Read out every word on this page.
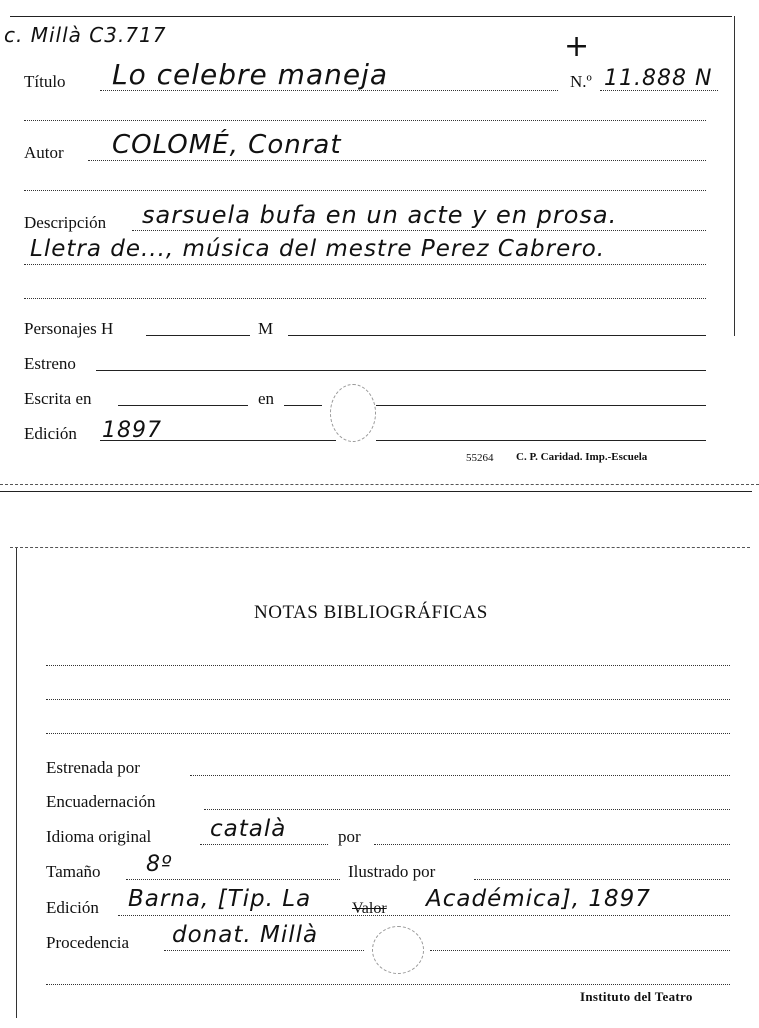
c. Millà C3.717	+
Título Lo celebre maneja	N.º 11.888 N
Autor COLOMÉ, Conrat
Descripción sarsuela bufa en un acte y en prosa.
Lletra de..., música del mestre Perez Cabrero.
Personajes H	M
Estreno
Escrita en	en
Edición 1897
55264 C. P. Caridad. Imp.-Escuela
NOTAS BIBLIOGRÁFICAS
Estrenada por
Encuadernación
Idioma original	català	por
Tamaño 8º	Ilustrado por
Edición Barna, [Tip. La	Valor Académica], 1897
Procedencia donat. Millà
Instituto del Teatro
